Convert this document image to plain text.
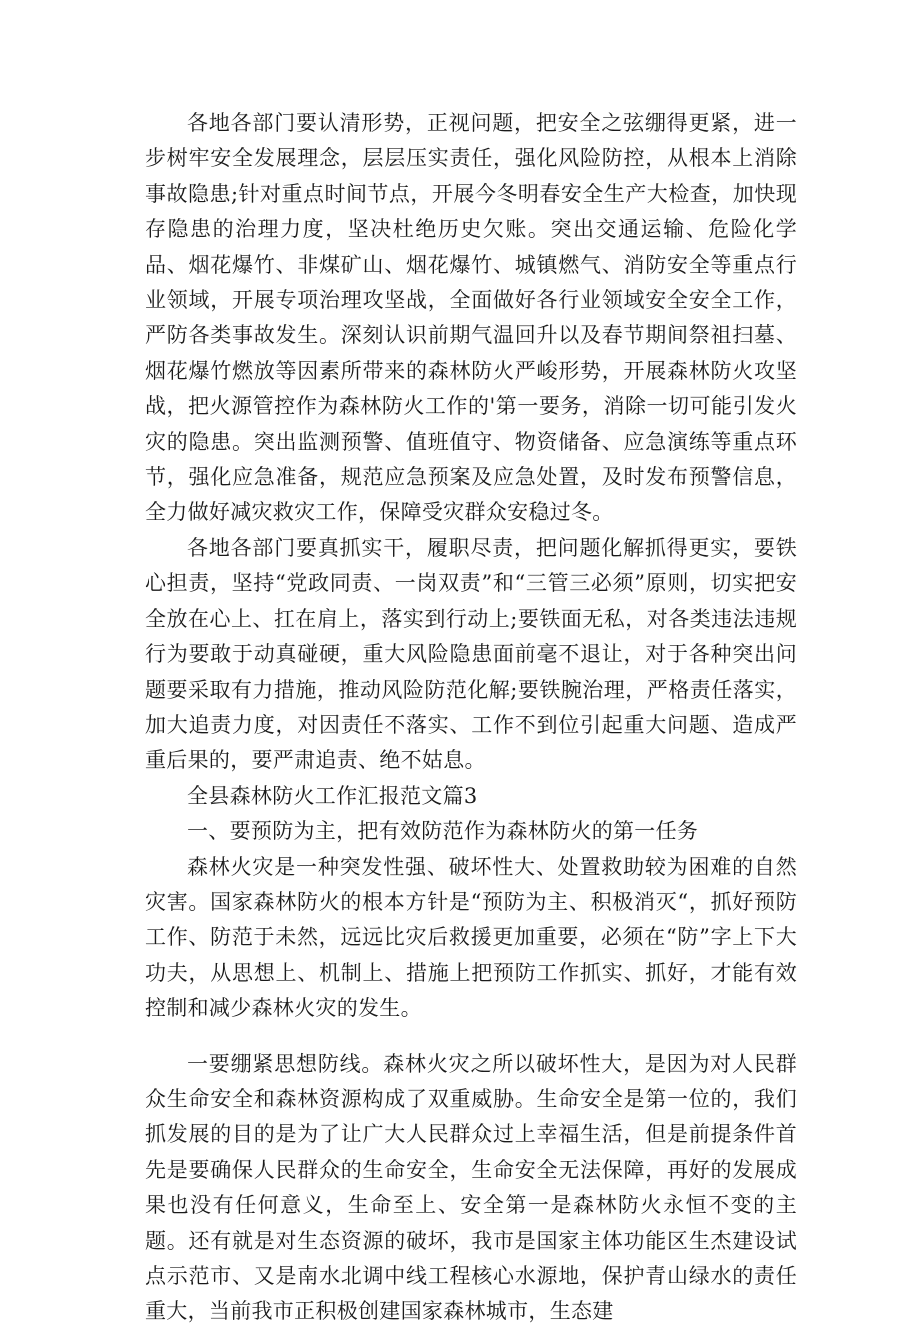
各地各部门要认清形势，正视问题，把安全之弦绷得更紧，进一步树牢安全发展理念，层层压实责任，强化风险防控，从根本上消除事故隐患;针对重点时间节点，开展今冬明春安全生产大检查，加快现存隐患的治理力度，坚决杜绝历史欠账。突出交通运输、危险化学品、烟花爆竹、非煤矿山、烟花爆竹、城镇燃气、消防安全等重点行业领域，开展专项治理攻坚战，全面做好各行业领域安全安全工作，严防各类事故发生。深刻认识前期气温回升以及春节期间祭祖扫墓、烟花爆竹燃放等因素所带来的森林防火严峻形势，开展森林防火攻坚战，把火源管控作为森林防火工作的'第一要务，消除一切可能引发火灾的隐患。突出监测预警、值班值守、物资储备、应急演练等重点环节，强化应急准备，规范应急预案及应急处置，及时发布预警信息，全力做好减灾救灾工作，保障受灾群众安稳过冬。

各地各部门要真抓实干，履职尽责，把问题化解抓得更实，要铁心担责，坚持“党政同责、一岗双责”和“三管三必须”原则，切实把安全放在心上、扛在肩上，落实到行动上;要铁面无私，对各类违法违规行为要敢于动真碰硬，重大风险隐患面前毫不退让，对于各种突出问题要采取有力措施，推动风险防范化解;要铁腕治理，严格责任落实，加大追责力度，对因责任不落实、工作不到位引起重大问题、造成严重后果的，要严肃追责、绝不姑息。

全县森林防火工作汇报范文篇3

一、要预防为主，把有效防范作为森林防火的第一任务

森林火灾是一种突发性强、破坏性大、处置救助较为困难的自然灾害。国家森林防火的根本方针是“预防为主、积极消灭“，抓好预防工作、防范于未然，远远比灾后救援更加重要，必须在“防”字上下大功夫，从思想上、机制上、措施上把预防工作抓实、抓好，才能有效控制和减少森林火灾的发生。

一要绷紧思想防线。森林火灾之所以破坏性大，是因为对人民群众生命安全和森林资源构成了双重威胁。生命安全是第一位的，我们抓发展的目的是为了让广大人民群众过上幸福生活，但是前提条件首先是要确保人民群众的生命安全，生命安全无法保障，再好的发展成果也没有任何意义，生命至上、安全第一是森林防火永恒不变的主题。还有就是对生态资源的破坏，我市是国家主体功能区生杰建设试点示范市、又是南水北调中线工程核心水源地，保护青山绿水的责任重大，当前我市正积极创建国家森林城市，生态建
